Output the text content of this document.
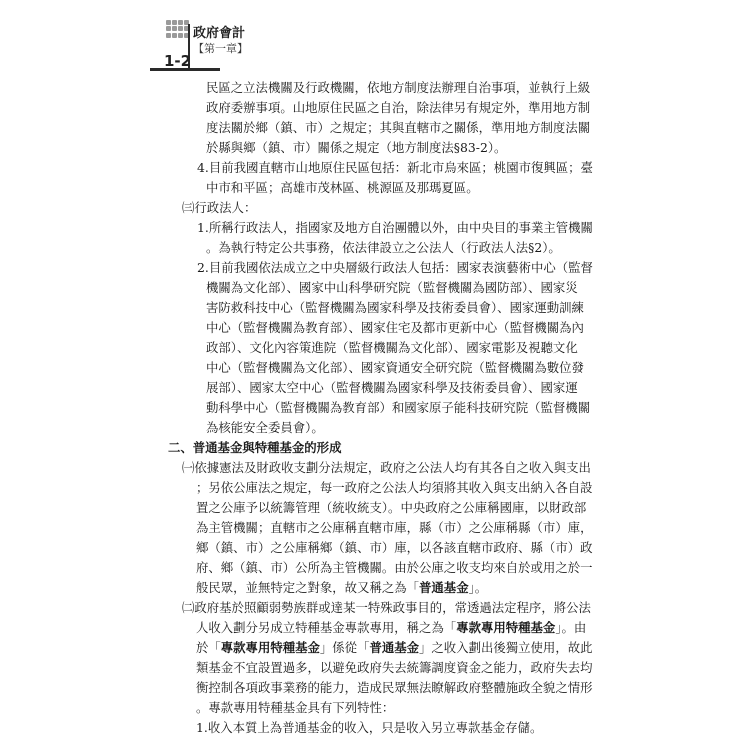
1-2
政府會計
【第一章】
民區之立法機關及行政機關，依地方制度法辦理自治事項，並執行上級
政府委辦事項。山地原住民區之自治，除法律另有規定外，準用地方制
度法關於鄉（鎮、市）之規定；其與直轄市之關係，準用地方制度法關
於縣與鄉（鎮、市）關係之規定（地方制度法§83-2）。
4.目前我國直轄市山地原住民區包括：新北市烏來區；桃園市復興區；臺
中市和平區；高雄市茂林區、桃源區及那瑪夏區。
㈢行政法人：
1.所稱行政法人，指國家及地方自治團體以外，由中央目的事業主管機關
。為執行特定公共事務，依法律設立之公法人（行政法人法§2）。
2.目前我國依法成立之中央層級行政法人包括：國家表演藝術中心（監督
機關為文化部）、國家中山科學研究院（監督機關為國防部）、國家災
害防救科技中心（監督機關為國家科學及技術委員會）、國家運動訓練
中心（監督機關為教育部）、國家住宅及都市更新中心（監督機關為內
政部）、文化內容策進院（監督機關為文化部）、國家電影及視聽文化
中心（監督機關為文化部）、國家資通安全研究院（監督機關為數位發
展部）、國家太空中心（監督機關為國家科學及技術委員會）、國家運
動科學中心（監督機關為教育部）和國家原子能科技研究院（監督機關
為核能安全委員會）。
二、普通基金與特種基金的形成
㈠依據憲法及財政收支劃分法規定，政府之公法人均有其各自之收入與支出
；另依公庫法之規定，每一政府之公法人均須將其收入與支出納入各自設
置之公庫予以統籌管理（統收統支）。中央政府之公庫稱國庫，以財政部
為主管機關；直轄市之公庫稱直轄市庫，縣（市）之公庫稱縣（市）庫，
鄉（鎮、市）之公庫稱鄉（鎮、市）庫，以各該直轄市政府、縣（市）政
府、鄉（鎮、市）公所為主管機關。由於公庫之收支均來自於或用之於一
般民眾，並無特定之對象，故又稱之為「普通基金」。
㈡政府基於照顧弱勢族群或達某一特殊政事目的，常透過法定程序，將公法
人收入劃分另成立特種基金專款專用，稱之為「專款專用特種基金」。由
於「專款專用特種基金」係從「普通基金」之收入劃出後獨立使用，故此
類基金不宜設置過多，以避免政府失去統籌調度資金之能力，政府失去均
衡控制各項政事業務的能力，造成民眾無法瞭解政府整體施政全貌之情形
。專款專用特種基金具有下列特性：
1.收入本質上為普通基金的收入，只是收入另立專款基金存儲。
